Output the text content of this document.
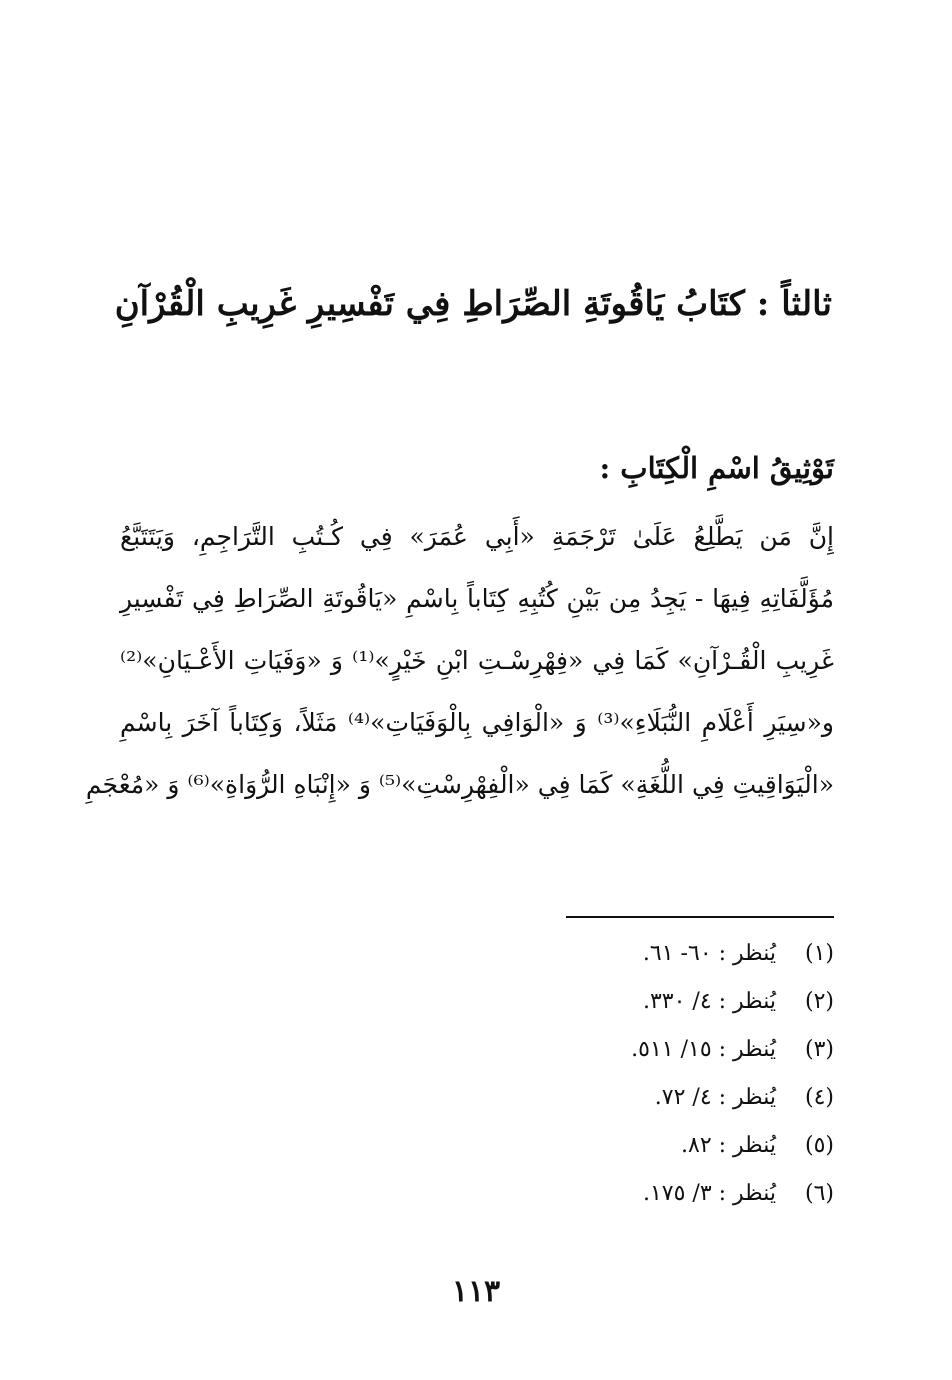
ثالثاً : كتَابُ يَاقُوتَةِ الصِّرَاطِ فِي تَفْسِيرِ غَرِيبِ الْقُرْآنِ
تَوْثِيقُ اسْمِ الْكِتَابِ :
إِنَّ مَن يَطَّلِعُ عَلَىٰ تَرْجَمَةِ «أَبِي عُمَرَ» فِي كُـتُبِ التَّرَاجِمِ، وَيَتَتَبَّعُ
مُؤَلَّفَاتِهِ فِيهَا - يَجِدُ مِن بَيْنِ كُتُبِهِ كِتَاباً بِاسْمِ «يَاقُوتَةِ الصِّرَاطِ فِي تَفْسِيرِ
غَرِيبِ الْقُـرْآنِ» كَمَا فِي «فِهْرِسْـتِ ابْنِ خَيْرٍ»⁽¹⁾ وَ «وَفَيَاتِ الأَعْـيَانِ»⁽²⁾
و«سِيَرِ أَعْلَامِ النُّبَلَاءِ»⁽³⁾ وَ «الْوَافِي بِالْوَفَيَاتِ»⁽⁴⁾ مَثَلاً، وَكِتَاباً آخَرَ بِاسْمِ
«الْيَوَاقِيتِ فِي اللُّغَةِ» كَمَا فِي «الْفِهْرِسْتِ»⁽⁵⁾ وَ «إِنْبَاهِ الرُّوَاةِ»⁽⁶⁾ وَ «مُعْجَمِ
(١)
يُنظر : ٦٠- ٦١.
(٢)
يُنظر : ٤/ ٣٣٠.
(٣)
يُنظر : ١٥/ ٥١١.
(٤)
يُنظر : ٤/ ٧٢.
(٥)
يُنظر : ٨٢.
(٦)
يُنظر : ٣/ ١٧٥.
١١٣
